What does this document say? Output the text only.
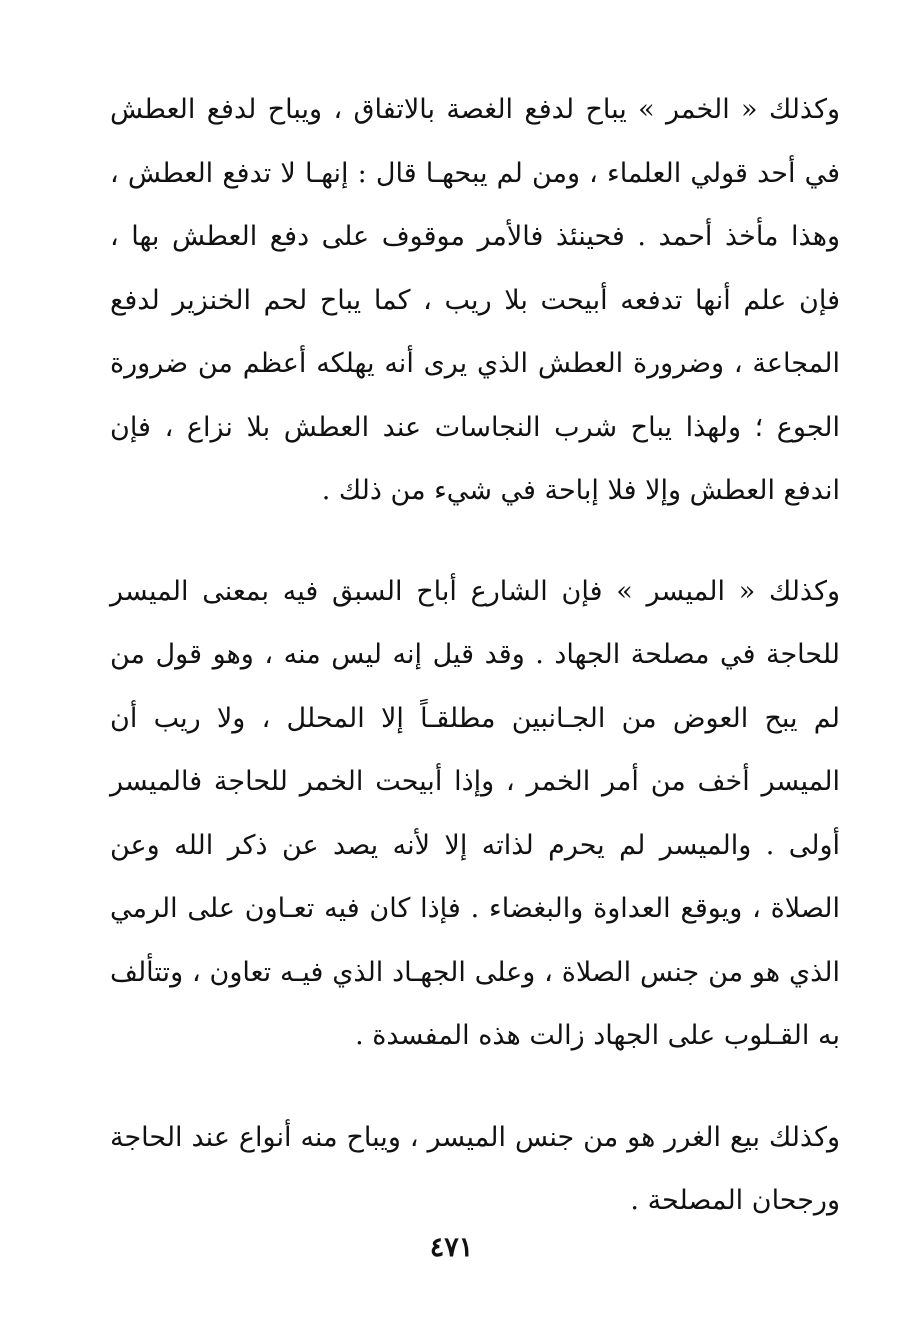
وكذلك « الخمر » يباح لدفع الغصة بالاتفاق ، ويباح لدفع العطش في أحد قولي العلماء ، ومن لم يبحهـا قال : إنهـا لا تدفع العطش ، وهذا مأخذ أحمد . فحينئذ فالأمر موقوف على دفع العطش بها ، فإن علم أنها تدفعه أبيحت بلا ريب ، كما يباح لحم الخنزير لدفع المجاعة ، وضرورة العطش الذي يرى أنه يهلكه أعظم من ضرورة الجوع ؛ ولهذا يباح شرب النجاسات عند العطش بلا نزاع ، فإن اندفع العطش وإلا فلا إباحة في شيء من ذلك .

وكذلك « الميسر » فإن الشارع أباح السبق فيه بمعنى الميسر للحاجة في مصلحة الجهاد . وقد قيل إنه ليس منه ، وهو قول من لم يبح العوض من الجـانبين مطلقـاً إلا المحلل ، ولا ريب أن الميسر أخف من أمر الخمر ، وإذا أبيحت الخمر للحاجة فالميسر أولى . والميسر لم يحرم لذاته إلا لأنه يصد عن ذكر الله وعن الصلاة ، ويوقع العداوة والبغضاء . فإذا كان فيه تعـاون على الرمي الذي هو من جنس الصلاة ، وعلى الجهـاد الذي فيـه تعاون ، وتتألف به القـلوب على الجهاد زالت هذه المفسدة .

وكذلك بيع الغرر هو من جنس الميسر ، ويباح منه أنواع عند الحاجة ورجحان المصلحة .

٤٧١
